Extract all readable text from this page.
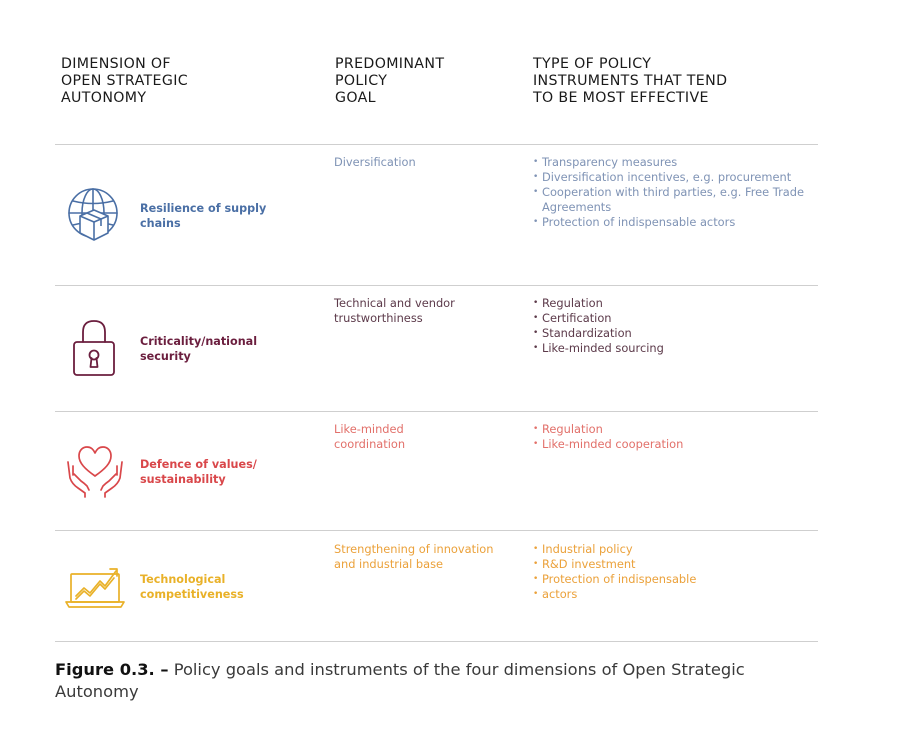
DIMENSION OF
OPEN STRATEGIC
AUTONOMY
PREDOMINANT
POLICY
GOAL
TYPE OF POLICY
INSTRUMENTS THAT TEND
TO BE MOST EFFECTIVE
Resilience of supply
chains
Diversification
•	Transparency measures
• Diversification incentives, e.g. procurement
• Cooperation with third parties, e.g. Free Trade Agreements
• Protection of indispensable actors
Criticality/national
security
Technical and vendor
trustworthiness
• Regulation
• Certification
• Standardization
• Like-minded sourcing
Defence of values/
sustainability
Like-minded
coordination
• Regulation
• Like-minded cooperation
Technological
competitiveness
Strengthening of innovation
and industrial base
• Industrial policy
• R&D investment
• Protection of indispensable
• actors
Figure 0.3. – Policy goals and instruments of the four dimensions of Open Strategic Autonomy
